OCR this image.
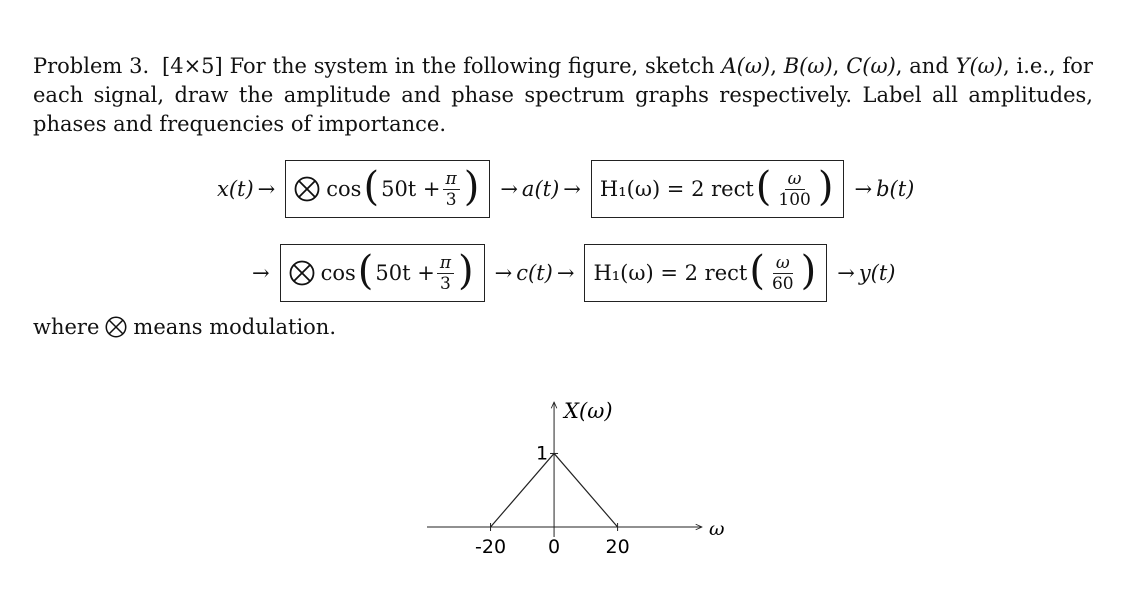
Problem 3. [4×5] For the system in the following figure, sketch A(ω), B(ω), C(ω), and Y(ω), i.e., for each signal, draw the amplitude and phase spectrum graphs respectively. Label all amplitudes, phases and frequencies of importance.
x(t) → cos ( $50t + \frac{\pi}{3}$ ) → a(t) → H₁(ω) = 2 rect ( $\frac{\omega}{100}$ ) → b(t)
→ cos ( $50t + \frac{\pi}{3}$ ) → c(t) → H₁(ω) = 2 rect ( $\frac{\omega}{60}$ ) → y(t)
where means modulation.
-20 0 20
1
X(ω)
ω
